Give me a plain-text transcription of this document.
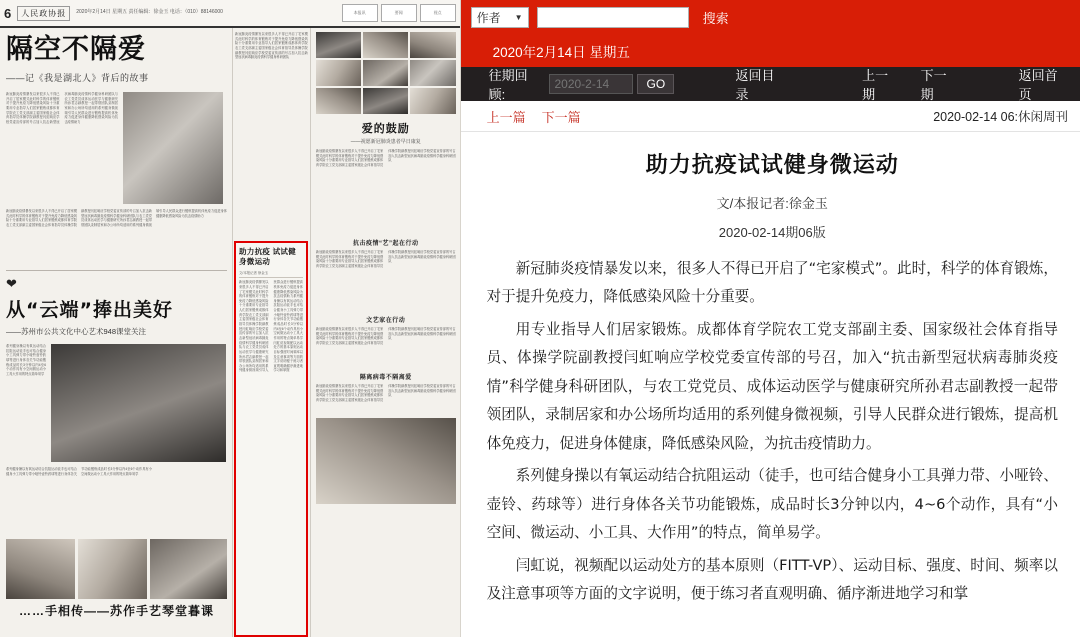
6	人民政协报	2020年2月14日 星期五 责任编辑：徐金玉 电话：（010）88146000	本报讯	要闻	视点
隔空不隔爱
——记《我是湖北人》背后的故事
新冠肺炎疫情暴发以来很多人不得已开启了居家模式此时科学的体育锻炼对于提升免疫力降低感染风险十分重要用专业指导人们居家锻炼成都体育学院农工党支部副主委国家级社会体育指导员体操学院副教授闫虹响应学校党委宣传部的号召加入抗击新型冠状病毒肺炎疫情科学健身科研团队与农工党党员成体运动医学与健康研究所孙君志副教授一起带领团队录制居家和办公场所均适用的系列健身微视频引导人民群众进行锻炼提高机体免疫力促进身体健康降低感染风险为抗击疫情助力
新冠肺炎疫情暴发以来很多人不得已开启了居家模式此时科学的体育锻炼对于提升免疫力降低感染风险十分重要用专业指导人们居家锻炼成都体育学院农工党支部副主委国家级社会体育指导员体操学院副教授闫虹响应学校党委宣传部的号召加入抗击新型冠状病毒肺炎疫情科学健身科研团队与农工党党员成体运动医学与健康研究所孙君志副教授一起带领团队录制居家和办公场所均适用的系列健身微视频引导人民群众进行锻炼提高机体免疫力促进身体健康降低感染风险为抗击疫情助力
❤
从“云端”捧出美好
——苏州市公共文化中心艺术948课堂关注
系列健身操以有氧运动结合抗阻运动徒手也可结合健身小工具弹力带小哑铃壶铃药球等进行身体各关节功能锻炼成品时长3分钟以内4至6个动作具有小空间微运动小工具大作用的特点简单易学
系列健身操以有氧运动结合抗阻运动徒手也可结合健身小工具弹力带小哑铃壶铃药球等进行身体各关节功能锻炼成品时长3分钟以内4至6个动作具有小空间微运动小工具大作用的特点简单易学
……手相传——苏作手艺琴堂暮课
新冠肺炎疫情暴发以来很多人不得已开启了宅家模式此时科学的体育锻炼对于提升免疫力降低感染风险十分重要用专业指导人们居家锻炼成都体育学院农工党支部副主委国家级社会体育指导员体操学院副教授闫虹响应学校党委宣传部的号召加入抗击新型冠状病毒肺炎疫情科学健身科研团队
助力抗疫 试试健身微运动
文/本报记者 徐金玉
新冠肺炎疫情暴发以来很多人不得已开启了宅家模式此时科学的体育锻炼对于提升免疫力降低感染风险十分重要用专业指导人们居家锻炼成都体育学院农工党支部副主委国家级社会体育指导员体操学院副教授闫虹响应学校党委宣传部的号召加入抗击新型冠状病毒肺炎疫情科学健身科研团队与农工党党员成体运动医学与健康研究所孙君志副教授一起带领团队录制居家和办公场所均适用的系列健身微视频引导人民群众进行锻炼提高机体免疫力促进身体健康降低感染风险为抗击疫情助力系列健身操以有氧运动结合抗阻运动徒手也可结合健身小工具弹力带小哑铃壶铃药球等进行身体各关节功能锻炼成品时长3分钟以内4至6个动作具有小空间微运动小工具大作用的特点简单易学闫虹说视频配以运动处方的基本原则运动目标强度时间频率以及注意事项等方面的文字说明便于练习者直观明确循序渐进地学习和掌握
爱的鼓励
——祝愿新冠肺炎患者早日康复
新冠肺炎疫情暴发以来很多人不得已开启了宅家模式此时科学的体育锻炼对于提升免疫力降低感染风险十分重要用专业指导人们居家锻炼成都体育学院农工党支部副主委国家级社会体育指导员体操学院副教授闫虹响应学校党委宣传部的号召加入抗击新型冠状病毒肺炎疫情科学健身科研团队
抗击疫情“艺”起在行动
新冠肺炎疫情暴发以来很多人不得已开启了宅家模式此时科学的体育锻炼对于提升免疫力降低感染风险十分重要用专业指导人们居家锻炼成都体育学院农工党支部副主委国家级社会体育指导员体操学院副教授闫虹响应学校党委宣传部的号召加入抗击新型冠状病毒肺炎疫情科学健身科研团队
文艺家在行动
新冠肺炎疫情暴发以来很多人不得已开启了宅家模式此时科学的体育锻炼对于提升免疫力降低感染风险十分重要用专业指导人们居家锻炼成都体育学院农工党支部副主委国家级社会体育指导员体操学院副教授闫虹响应学校党委宣传部的号召加入抗击新型冠状病毒肺炎疫情科学健身科研团队
隔离病毒不隔离爱
新冠肺炎疫情暴发以来很多人不得已开启了宅家模式此时科学的体育锻炼对于提升免疫力降低感染风险十分重要用专业指导人们居家锻炼成都体育学院农工党支部副主委国家级社会体育指导员体操学院副教授闫虹响应学校党委宣传部的号召加入抗击新型冠状病毒肺炎疫情科学健身科研团队
作者 ▼	搜索
2020年2月14日 星期五
往期回顾:
2020-2-14
GO
返回目录
上一期
下一期
返回首页
上一篇 下一篇	2020-02-14 06:休闲周刊
助力抗疫试试健身微运动
文/本报记者:徐金玉
2020-02-14期06版

新冠肺炎疫情暴发以来，很多人不得已开启了“宅家模式”。此时，科学的体育锻炼，对于提升免疫力，降低感染风险十分重要。

用专业指导人们居家锻炼。成都体育学院农工党支部副主委、国家级社会体育指导员、体操学院副教授闫虹响应学校党委宣传部的号召，加入“抗击新型冠状病毒肺炎疫情”科学健身科研团队，与农工党党员、成体运动医学与健康研究所孙君志副教授一起带领团队，录制居家和办公场所均适用的系列健身微视频，引导人民群众进行锻炼，提高机体免疫力，促进身体健康，降低感染风险，为抗击疫情助力。

系列健身操以有氧运动结合抗阻运动（徒手，也可结合健身小工具弹力带、小哑铃、壶铃、药球等）进行身体各关节功能锻炼，成品时长3分钟以内，4~6个动作，具有“小空间、微运动、小工具、大作用”的特点，简单易学。

闫虹说，视频配以运动处方的基本原则（FITT-VP）、运动目标、强度、时间、频率以及注意事项等方面的文字说明，便于练习者直观明确、循序渐进地学习和掌
